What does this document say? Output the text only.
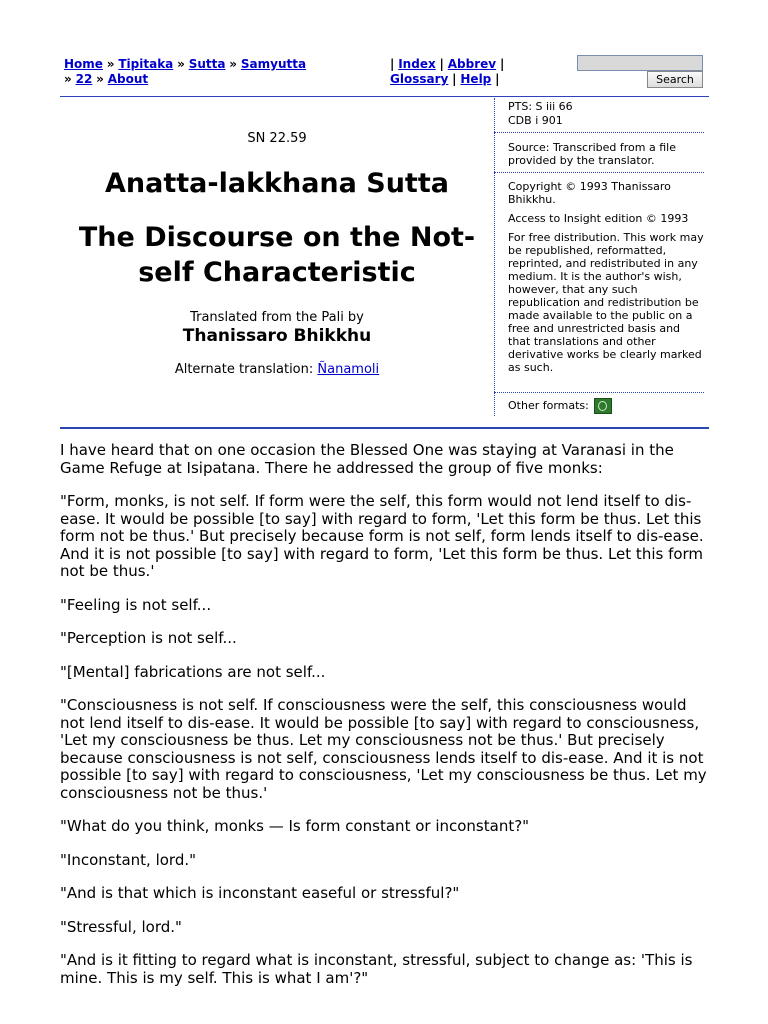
Home » Tipitaka » Sutta » Samyutta
» 22 » About
| Index | Abbrev |
Glossary | Help |	Search
SN 22.59
Anatta-lakkhana Sutta
The Discourse on the Not-self Characteristic
Translated from the Pali by
Thanissaro Bhikkhu
Alternate translation: Ñanamoli
PTS: S iii 66
CDB i 901
Source: Transcribed from a file provided by the translator.
Copyright © 1993 Thanissaro Bhikkhu.
Access to Insight edition © 1993
For free distribution. This work may be republished, reformatted, reprinted, and redistributed in any medium. It is the author's wish, however, that any such republication and redistribution be made available to the public on a free and unrestricted basis and that translations and other derivative works be clearly marked as such.
Other formats:

I have heard that on one occasion the Blessed One was staying at Varanasi in the Game Refuge at Isipatana. There he addressed the group of five monks:

"Form, monks, is not self. If form were the self, this form would not lend itself to dis-ease. It would be possible [to say] with regard to form, 'Let this form be thus. Let this form not be thus.' But precisely because form is not self, form lends itself to dis-ease. And it is not possible [to say] with regard to form, 'Let this form be thus. Let this form not be thus.'

"Feeling is not self...

"Perception is not self...

"[Mental] fabrications are not self...

"Consciousness is not self. If consciousness were the self, this consciousness would not lend itself to dis-ease. It would be possible [to say] with regard to consciousness, 'Let my consciousness be thus. Let my consciousness not be thus.' But precisely because consciousness is not self, consciousness lends itself to dis-ease. And it is not possible [to say] with regard to consciousness, 'Let my consciousness be thus. Let my consciousness not be thus.'

"What do you think, monks — Is form constant or inconstant?"

"Inconstant, lord."

"And is that which is inconstant easeful or stressful?"

"Stressful, lord."

"And is it fitting to regard what is inconstant, stressful, subject to change as: 'This is mine. This is my self. This is what I am'?"
